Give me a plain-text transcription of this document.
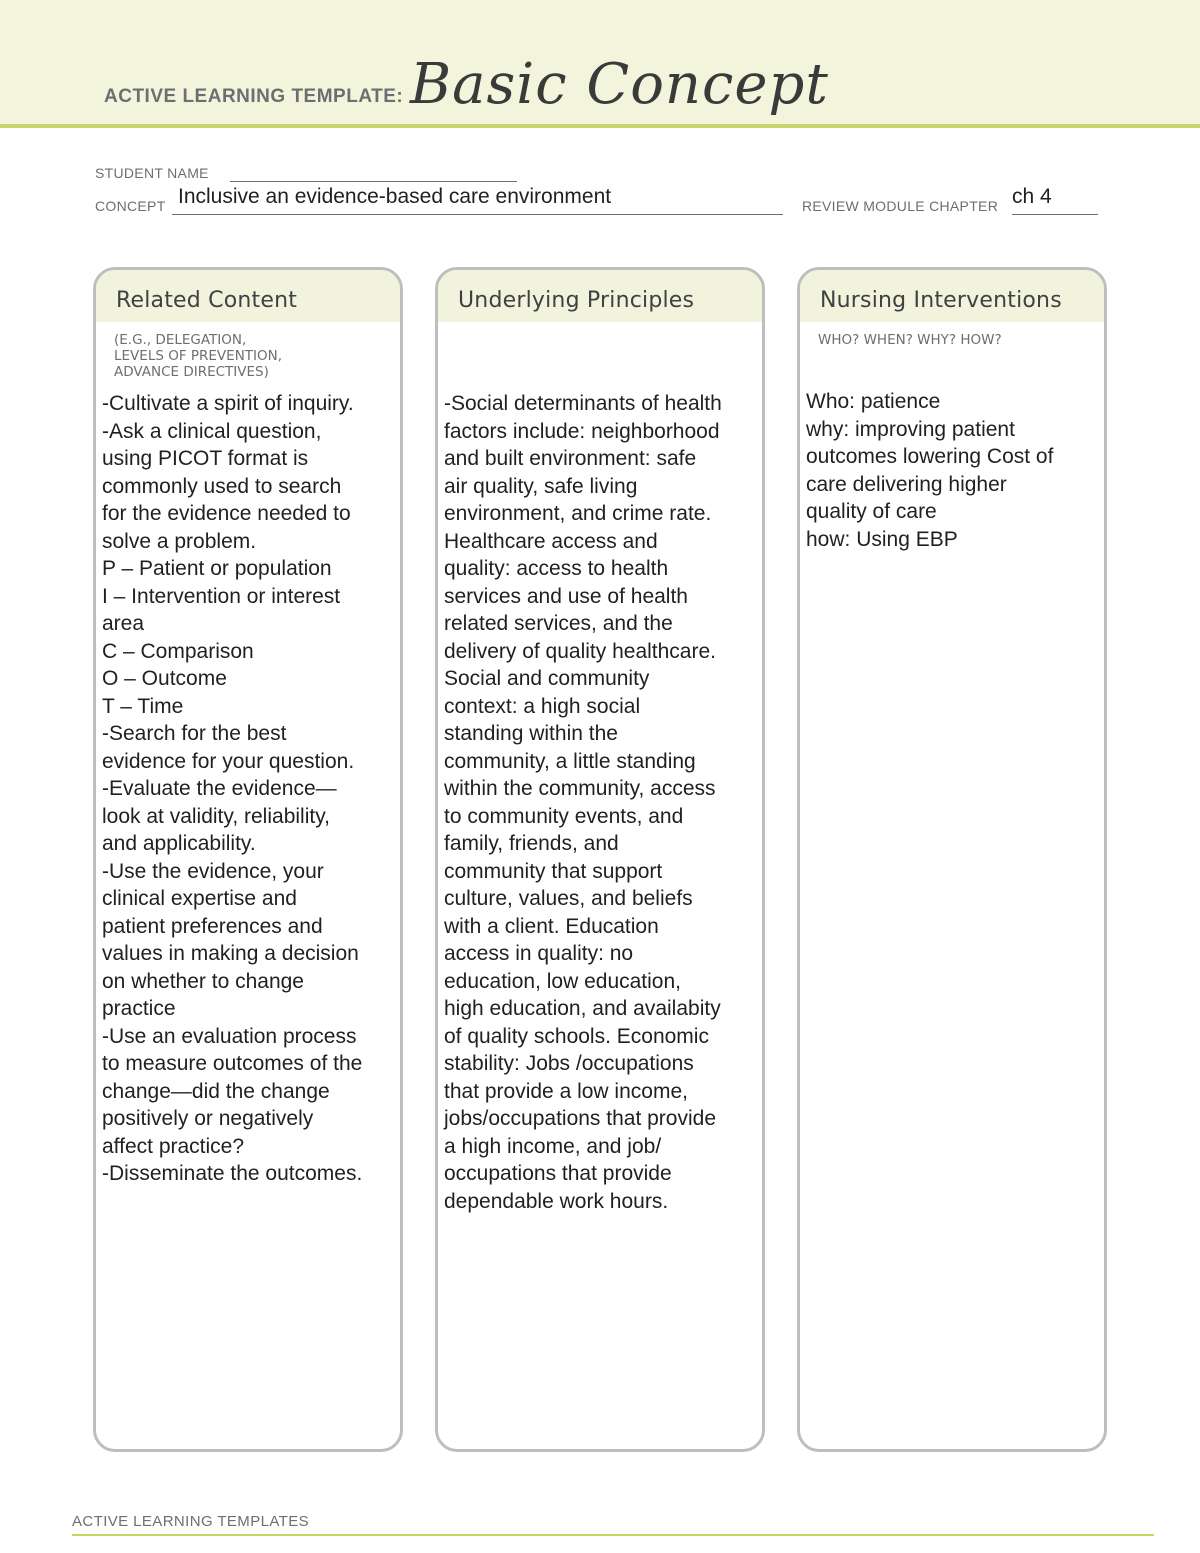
ACTIVE LEARNING TEMPLATE: Basic Concept
STUDENT NAME
CONCEPT Inclusive an evidence-based care environment	REVIEW MODULE CHAPTER ch 4
Related Content
(E.G., DELEGATION,
LEVELS OF PREVENTION,
ADVANCE DIRECTIVES)
-Cultivate a spirit of inquiry.
-Ask a clinical question,
using PICOT format is
commonly used to search
for the evidence needed to
solve a problem.
P – Patient or population
I – Intervention or interest
area
C – Comparison
O – Outcome
T – Time
-Search for the best
evidence for your question.
-Evaluate the evidence—
look at validity, reliability,
and applicability.
-Use the evidence, your
clinical expertise and
patient preferences and
values in making a decision
on whether to change
practice
-Use an evaluation process
to measure outcomes of the
change—did the change
positively or negatively
affect practice?
-Disseminate the outcomes.
Underlying Principles
-Social determinants of health
factors include: neighborhood
and built environment: safe
air quality, safe living
environment, and crime rate.
Healthcare access and
quality: access to health
services and use of health
related services, and the
delivery of quality healthcare.
Social and community
context: a high social
standing within the
community, a little standing
within the community, access
to community events, and
family, friends, and
community that support
culture, values, and beliefs
with a client. Education
access in quality: no
education, low education,
high education, and availabity
of quality schools. Economic
stability: Jobs /occupations
that provide a low income,
jobs/occupations that provide
a high income, and job/
occupations that provide
dependable work hours.
Nursing Interventions
WHO? WHEN? WHY? HOW?
Who: patience
why: improving patient
outcomes lowering Cost of
care delivering higher
quality of care
how: Using EBP
ACTIVE LEARNING TEMPLATES
